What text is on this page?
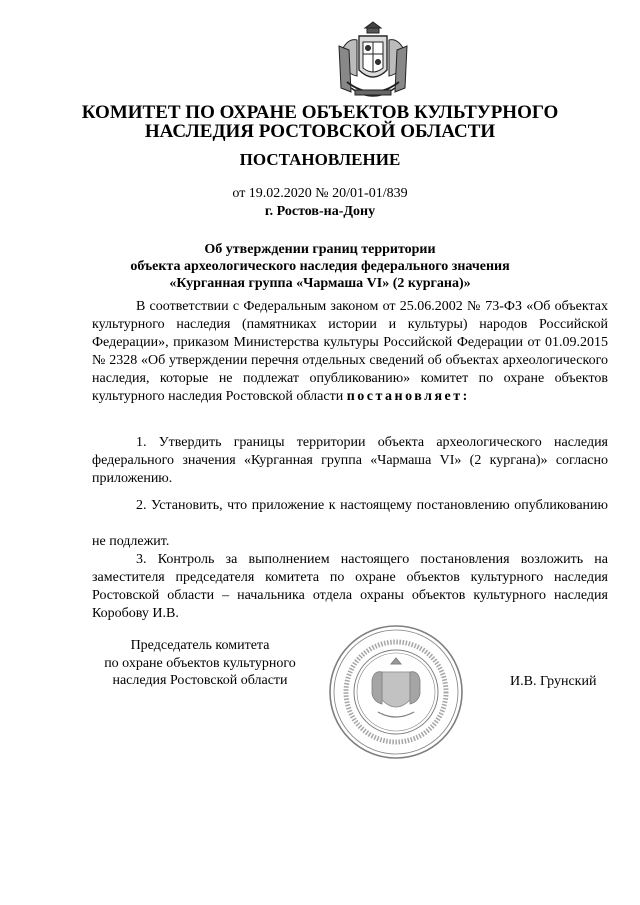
КОМИТЕТ ПО ОХРАНЕ ОБЪЕКТОВ КУЛЬТУРНОГО
НАСЛЕДИЯ РОСТОВСКОЙ ОБЛАСТИ
ПОСТАНОВЛЕНИЕ
от 19.02.2020 № 20/01-01/839
г. Ростов-на-Дону
Об утверждении границ территории
объекта археологического наследия федерального значения
«Курганная группа «Чармаша VI» (2 кургана)»
В соответствии с Федеральным законом от 25.06.2002 № 73-ФЗ «Об объектах культурного наследия (памятниках истории и культуры) народов Российской Федерации», приказом Министерства культуры Российской Федерации от 01.09.2015 № 2328 «Об утверждении перечня отдельных сведений об объектах археологического наследия, которые не подлежат опубликованию» комитет по охране объектов культурного наследия Ростовской области постановляет:
1. Утвердить границы территории объекта археологического наследия федерального значения «Курганная группа «Чармаша VI» (2 кургана)» согласно приложению.
2. Установить, что приложение к настоящему постановлению опубликованию
не подлежит.
3. Контроль за выполнением настоящего постановления возложить на заместителя председателя комитета по охране объектов культурного наследия Ростовской области – начальника отдела охраны объектов культурного наследия Коробову И.В.
Председатель комитета
по охране объектов культурного
наследия Ростовской области	И.В. Грунский
